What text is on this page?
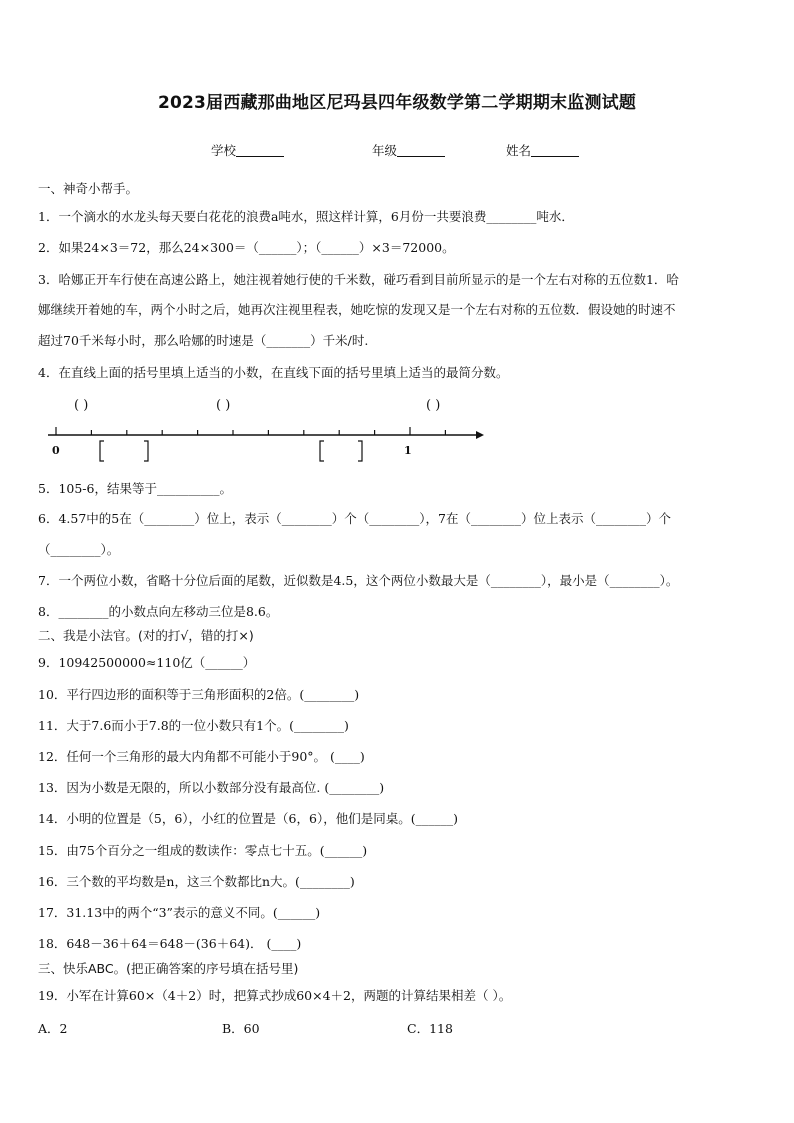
2023届西藏那曲地区尼玛县四年级数学第二学期期末监测试题
学校	年级	姓名
一、神奇小帮手。
1．一个滴水的水龙头每天要白花花的浪费a吨水，照这样计算，6月份一共要浪费________吨水．
2．如果24×3＝72，那么24×300＝（______）；（______）×3＝72000。
3．哈娜正开车行使在高速公路上，她注视着她行使的千米数，碰巧看到目前所显示的是一个左右对称的五位数1．哈
娜继续开着她的车，两个小时之后，她再次注视里程表，她吃惊的发现又是一个左右对称的五位数．假设她的时速不
超过70千米每小时，那么哈娜的时速是（_______）千米/时.
4．在直线上面的括号里填上适当的小数，在直线下面的括号里填上适当的最简分数。
( )	( )	( )
0	1
5．105-6，结果等于__________。
6．4.57中的5在（________）位上，表示（________）个（________），7在（________）位上表示（________）个
（________）。
7．一个两位小数，省略十分位后面的尾数，近似数是4.5，这个两位小数最大是（________），最小是（________）。
8．________的小数点向左移动三位是8.6。
二、我是小法官。(对的打√，错的打×)
9．10942500000≈110亿（______）
10．平行四边形的面积等于三角形面积的2倍。(________)
11．大于7.6而小于7.8的一位小数只有1个。(________)
12．任何一个三角形的最大内角都不可能小于90°。 (____)
13．因为小数是无限的，所以小数部分没有最高位. (________)
14．小明的位置是（5，6），小红的位置是（6，6），他们是同桌。(______)
15．由75个百分之一组成的数读作：零点七十五。(______)
16．三个数的平均数是n，这三个数都比n大。(________)
17．31.13中的两个“3”表示的意义不同。(______)
18．648－36＋64＝648－(36＋64)． (____)
三、快乐ABC。(把正确答案的序号填在括号里)
19．小军在计算60×（4＋2）时，把算式抄成60×4＋2，两题的计算结果相差（ ）。
A．2	B．60	C．118
